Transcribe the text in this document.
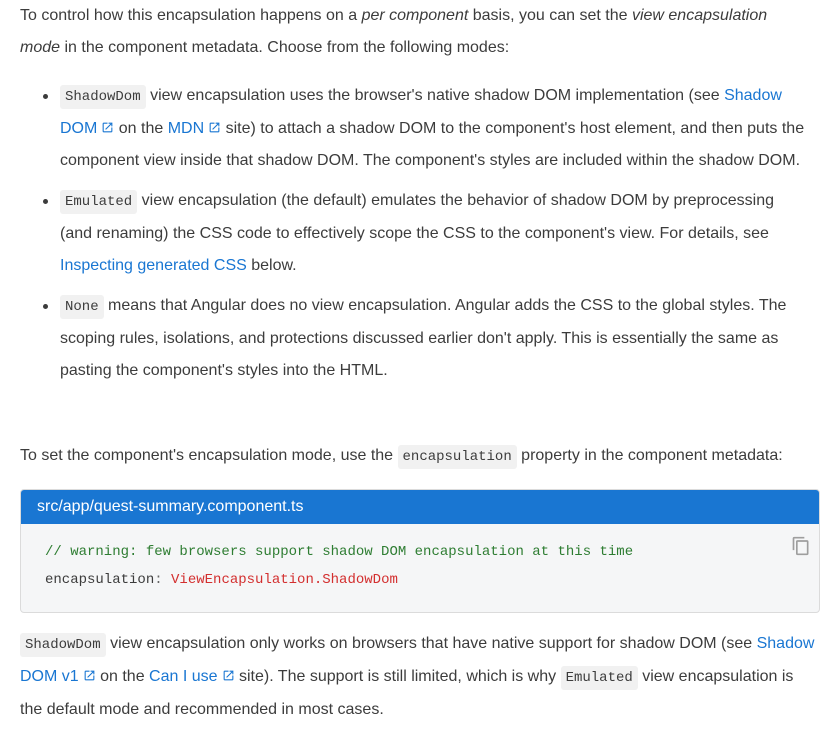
To control how this encapsulation happens on a per component basis, you can set the view encapsulation mode in the component metadata. Choose from the following modes:

ShadowDom view encapsulation uses the browser's native shadow DOM implementation (see Shadow DOM on the MDN site) to attach a shadow DOM to the component's host element, and then puts the component view inside that shadow DOM. The component's styles are included within the shadow DOM.
Emulated view encapsulation (the default) emulates the behavior of shadow DOM by preprocessing (and renaming) the CSS code to effectively scope the CSS to the component's view. For details, see Inspecting generated CSS below.
None means that Angular does no view encapsulation. Angular adds the CSS to the global styles. The scoping rules, isolations, and protections discussed earlier don't apply. This is essentially the same as pasting the component's styles into the HTML.

To set the component's encapsulation mode, use the encapsulation property in the component metadata:

src/app/quest-summary.component.ts
// warning: few browsers support shadow DOM encapsulation at this time
encapsulation: ViewEncapsulation.ShadowDom

ShadowDom view encapsulation only works on browsers that have native support for shadow DOM (see Shadow DOM v1 on the Can I use site). The support is still limited, which is why Emulated view encapsulation is the default mode and recommended in most cases.
